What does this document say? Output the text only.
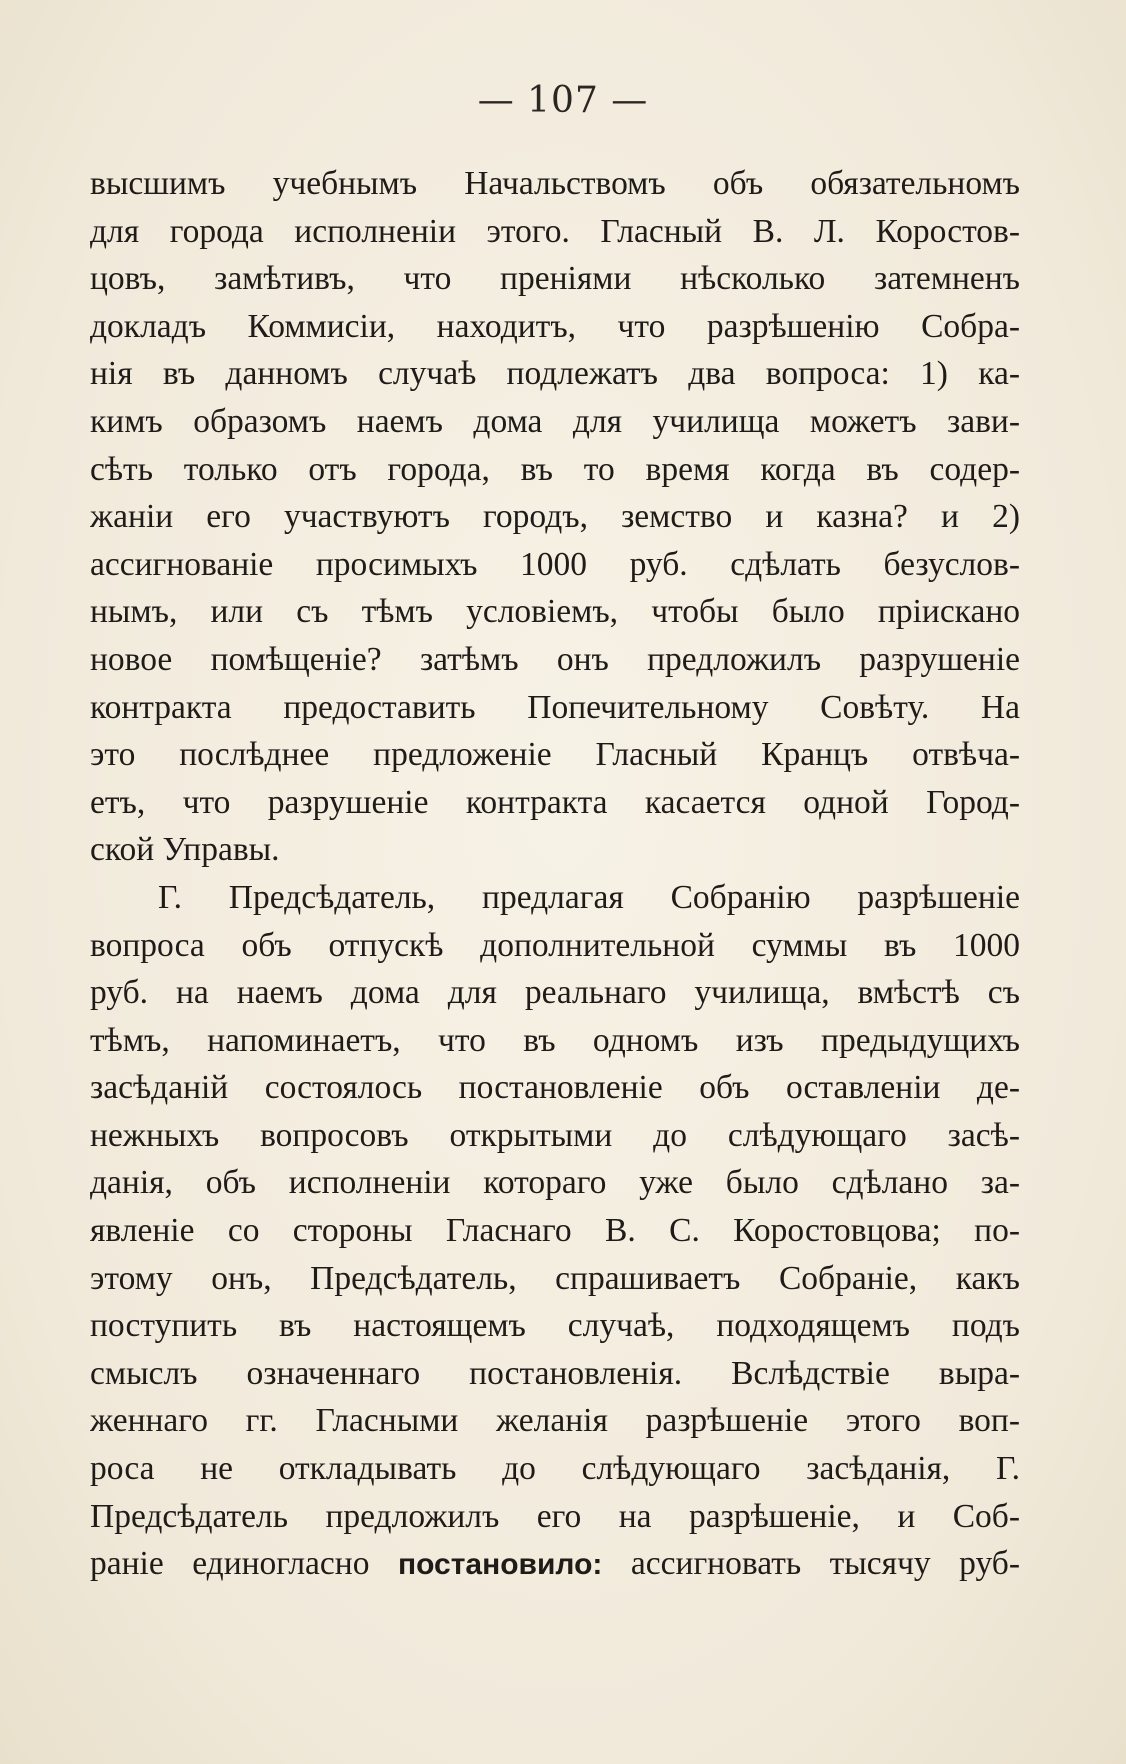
— 107 —
высшимъ учебнымъ Начальствомъ объ обязательномъ
для города исполненіи этого. Гласный В. Л. Коростов-
цовъ, замѣтивъ, что преніями нѣсколько затемненъ
докладъ Коммисіи, находитъ, что разрѣшенію Собра-
нія въ данномъ случаѣ подлежатъ два вопроса: 1) ка-
кимъ образомъ наемъ дома для училища можетъ зави-
сѣть только отъ города, въ то время когда въ содер-
жаніи его участвуютъ городъ, земство и казна? и 2)
ассигнованіе просимыхъ 1000 руб. сдѣлать безуслов-
нымъ, или съ тѣмъ условіемъ, чтобы было пріискано
новое помѣщеніе? затѣмъ онъ предложилъ разрушеніе
контракта предоставить Попечительному Совѣту. На
это послѣднее предложеніе Гласный Кранцъ отвѣча-
етъ, что разрушеніе контракта касается одной Город-
ской Управы.
Г. Предсѣдатель, предлагая Собранію разрѣшеніе
вопроса объ отпускѣ дополнительной суммы въ 1000
руб. на наемъ дома для реальнаго училища, вмѣстѣ съ
тѣмъ, напоминаетъ, что въ одномъ изъ предыдущихъ
засѣданій состоялось постановленіе объ оставленіи де-
нежныхъ вопросовъ открытыми до слѣдующаго засѣ-
данія, объ исполненіи котораго уже было сдѣлано за-
явленіе со стороны Гласнаго В. С. Коростовцова; по-
этому онъ, Предсѣдатель, спрашиваетъ Собраніе, какъ
поступить въ настоящемъ случаѣ, подходящемъ подъ
смыслъ означеннаго постановленія. Вслѣдствіе выра-
женнаго гг. Гласными желанія разрѣшеніе этого воп-
роса не откладывать до слѣдующаго засѣданія, Г.
Предсѣдатель предложилъ его на разрѣшеніе, и Соб-
раніе единогласно постановило: ассигновать тысячу руб-
